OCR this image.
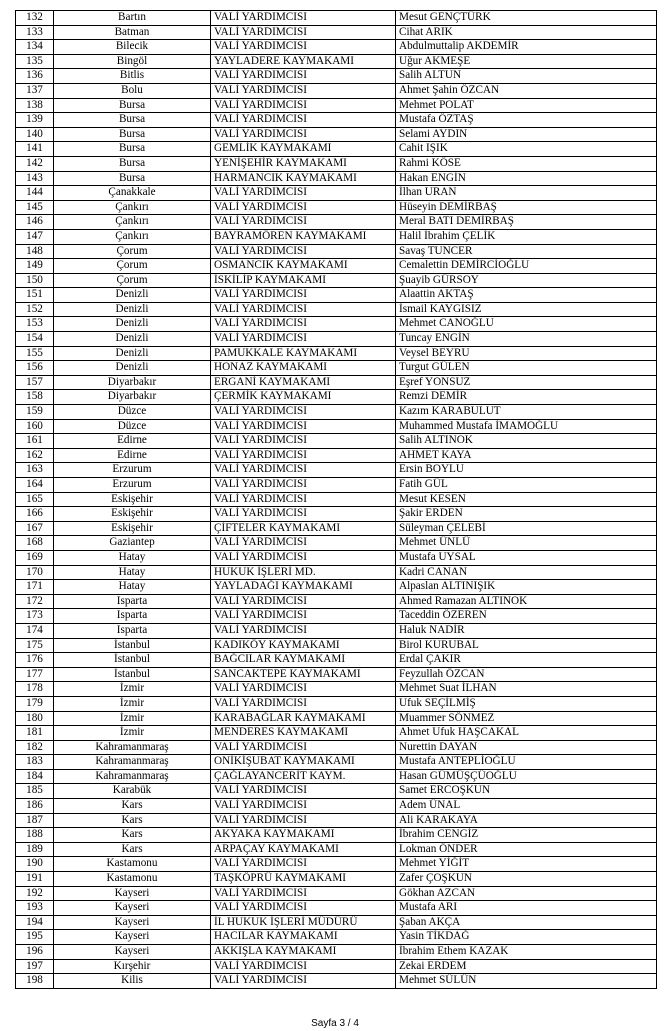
132	Bartın	VALİ YARDIMCISI	Mesut GENÇTÜRK
133	Batman	VALİ YARDIMCISI	Cihat ARIK
134	Bilecik	VALİ YARDIMCISI	Abdulmuttalip AKDEMİR
135	Bingöl	YAYLADERE KAYMAKAMI	Uğur AKMEŞE
136	Bitlis	VALİ YARDIMCISI	Salih ALTUN
137	Bolu	VALİ YARDIMCISI	Ahmet Şahin ÖZCAN
138	Bursa	VALİ YARDIMCISI	Mehmet POLAT
139	Bursa	VALİ YARDIMCISI	Mustafa ÖZTAŞ
140	Bursa	VALİ YARDIMCISI	Selami AYDIN
141	Bursa	GEMLİK KAYMAKAMI	Cahit IŞIK
142	Bursa	YENİŞEHİR KAYMAKAMI	Rahmi KÖSE
143	Bursa	HARMANCIK KAYMAKAMI	Hakan ENGİN
144	Çanakkale	VALİ YARDIMCISI	İlhan URAN
145	Çankırı	VALİ YARDIMCISI	Hüseyin DEMİRBAŞ
146	Çankırı	VALİ YARDIMCISI	Meral BATI DEMİRBAŞ
147	Çankırı	BAYRAMÖREN KAYMAKAMI	Halil İbrahim ÇELİK
148	Çorum	VALİ YARDIMCISI	Savaş TUNCER
149	Çorum	OSMANCIK KAYMAKAMI	Cemalettin DEMİRCİOĞLU
150	Çorum	İSKİLİP KAYMAKAMI	Şuayib GÜRSOY
151	Denizli	VALİ YARDIMCISI	Alaattin AKTAŞ
152	Denizli	VALİ YARDIMCISI	İsmail KAYGISIZ
153	Denizli	VALİ YARDIMCISI	Mehmet CANOĞLU
154	Denizli	VALİ YARDIMCISI	Tuncay ENGİN
155	Denizli	PAMUKKALE KAYMAKAMI	Veysel BEYRU
156	Denizli	HONAZ KAYMAKAMI	Turgut GÜLEN
157	Diyarbakır	ERGANİ KAYMAKAMI	Eşref YONSUZ
158	Diyarbakır	ÇERMİK KAYMAKAMI	Remzi DEMİR
159	Düzce	VALİ YARDIMCISI	Kazım KARABULUT
160	Düzce	VALİ YARDIMCISI	Muhammed Mustafa İMAMOĞLU
161	Edirne	VALİ YARDIMCISI	Salih ALTINOK
162	Edirne	VALİ YARDIMCISI	AHMET KAYA
163	Erzurum	VALİ YARDIMCISI	Ersin BOYLU
164	Erzurum	VALİ YARDIMCISI	Fatih GÜL
165	Eskişehir	VALİ YARDIMCISI	Mesut KESEN
166	Eskişehir	VALİ YARDIMCISI	Şakir ERDEN
167	Eskişehir	ÇİFTELER KAYMAKAMI	Süleyman ÇELEBİ
168	Gaziantep	VALİ YARDIMCISI	Mehmet ÜNLÜ
169	Hatay	VALİ YARDIMCISI	Mustafa UYSAL
170	Hatay	HUKUK İŞLERİ MD.	Kadri CANAN
171	Hatay	YAYLADAĞI KAYMAKAMI	Alpaslan ALTINIŞIK
172	Isparta	VALİ YARDIMCISI	Ahmed Ramazan ALTINOK
173	Isparta	VALİ YARDIMCISI	Taceddin ÖZEREN
174	Isparta	VALİ YARDIMCISI	Haluk NADİR
175	İstanbul	KADIKÖY KAYMAKAMI	Birol KURUBAL
176	İstanbul	BAĞCILAR KAYMAKAMI	Erdal ÇAKIR
177	İstanbul	SANCAKTEPE KAYMAKAMI	Feyzullah ÖZCAN
178	İzmir	VALİ YARDIMCISI	Mehmet Suat İLHAN
179	İzmir	VALİ YARDIMCISI	Ufuk SEÇİLMİŞ
180	İzmir	KARABAĞLAR KAYMAKAMI	Muammer SÖNMEZ
181	İzmir	MENDERES KAYMAKAMI	Ahmet Ufuk HAŞCAKAL
182	Kahramanmaraş	VALİ YARDIMCISI	Nurettin DAYAN
183	Kahramanmaraş	ONİKİŞUBAT KAYMAKAMI	Mustafa ANTEPLİOĞLU
184	Kahramanmaraş	ÇAĞLAYANCERİT KAYM.	Hasan GÜMÜŞÇÜOĞLU
185	Karabük	VALİ YARDIMCISI	Samet ERCOŞKUN
186	Kars	VALİ YARDIMCISI	Adem ÜNAL
187	Kars	VALİ YARDIMCISI	Ali KARAKAYA
188	Kars	AKYAKA KAYMAKAMI	İbrahim CENGİZ
189	Kars	ARPAÇAY KAYMAKAMI	Lokman ÖNDER
190	Kastamonu	VALİ YARDIMCISI	Mehmet YİĞİT
191	Kastamonu	TAŞKÖPRÜ KAYMAKAMI	Zafer ÇOŞKUN
192	Kayseri	VALİ YARDIMCISI	Gökhan AZCAN
193	Kayseri	VALİ YARDIMCISI	Mustafa ARI
194	Kayseri	İL HUKUK İŞLERİ MÜDÜRÜ	Şaban AKÇA
195	Kayseri	HACILAR KAYMAKAMI	Yasin TİKDAĞ
196	Kayseri	AKKIŞLA KAYMAKAMI	İbrahim Ethem KAZAK
197	Kırşehir	VALİ YARDIMCISI	Zekai ERDEM
198	Kilis	VALİ YARDIMCISI	Mehmet SÜLÜN
Sayfa 3 / 4
